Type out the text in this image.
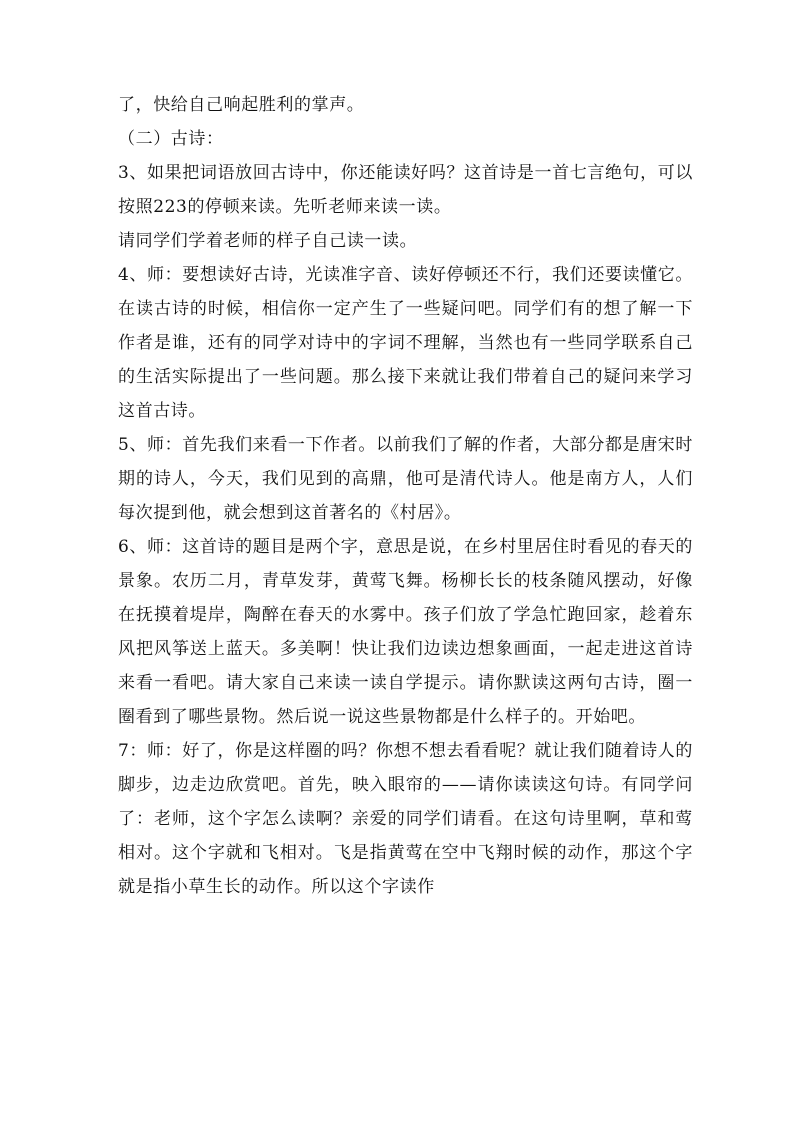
了，快给自己响起胜利的掌声。

（二）古诗：

3、如果把词语放回古诗中，你还能读好吗？这首诗是一首七言绝句，可以按照223的停顿来读。先听老师来读一读。

请同学们学着老师的样子自己读一读。

4、师：要想读好古诗，光读准字音、读好停顿还不行，我们还要读懂它。在读古诗的时候，相信你一定产生了一些疑问吧。同学们有的想了解一下作者是谁，还有的同学对诗中的字词不理解，当然也有一些同学联系自己的生活实际提出了一些问题。那么接下来就让我们带着自己的疑问来学习这首古诗。

5、师：首先我们来看一下作者。以前我们了解的作者，大部分都是唐宋时期的诗人，今天，我们见到的高鼎，他可是清代诗人。他是南方人，人们每次提到他，就会想到这首著名的《村居》。

6、师：这首诗的题目是两个字，意思是说，在乡村里居住时看见的春天的景象。农历二月，青草发芽，黄莺飞舞。杨柳长长的枝条随风摆动，好像在抚摸着堤岸，陶醉在春天的水雾中。孩子们放了学急忙跑回家，趁着东风把风筝送上蓝天。多美啊！快让我们边读边想象画面，一起走进这首诗来看一看吧。请大家自己来读一读自学提示。请你默读这两句古诗，圈一圈看到了哪些景物。然后说一说这些景物都是什么样子的。开始吧。

7：师：好了，你是这样圈的吗？你想不想去看看呢？就让我们随着诗人的脚步，边走边欣赏吧。首先，映入眼帘的——请你读读这句诗。有同学问了：老师，这个字怎么读啊？亲爱的同学们请看。在这句诗里啊，草和莺相对。这个字就和飞相对。飞是指黄莺在空中飞翔时候的动作，那这个字就是指小草生长的动作。所以这个字读作
